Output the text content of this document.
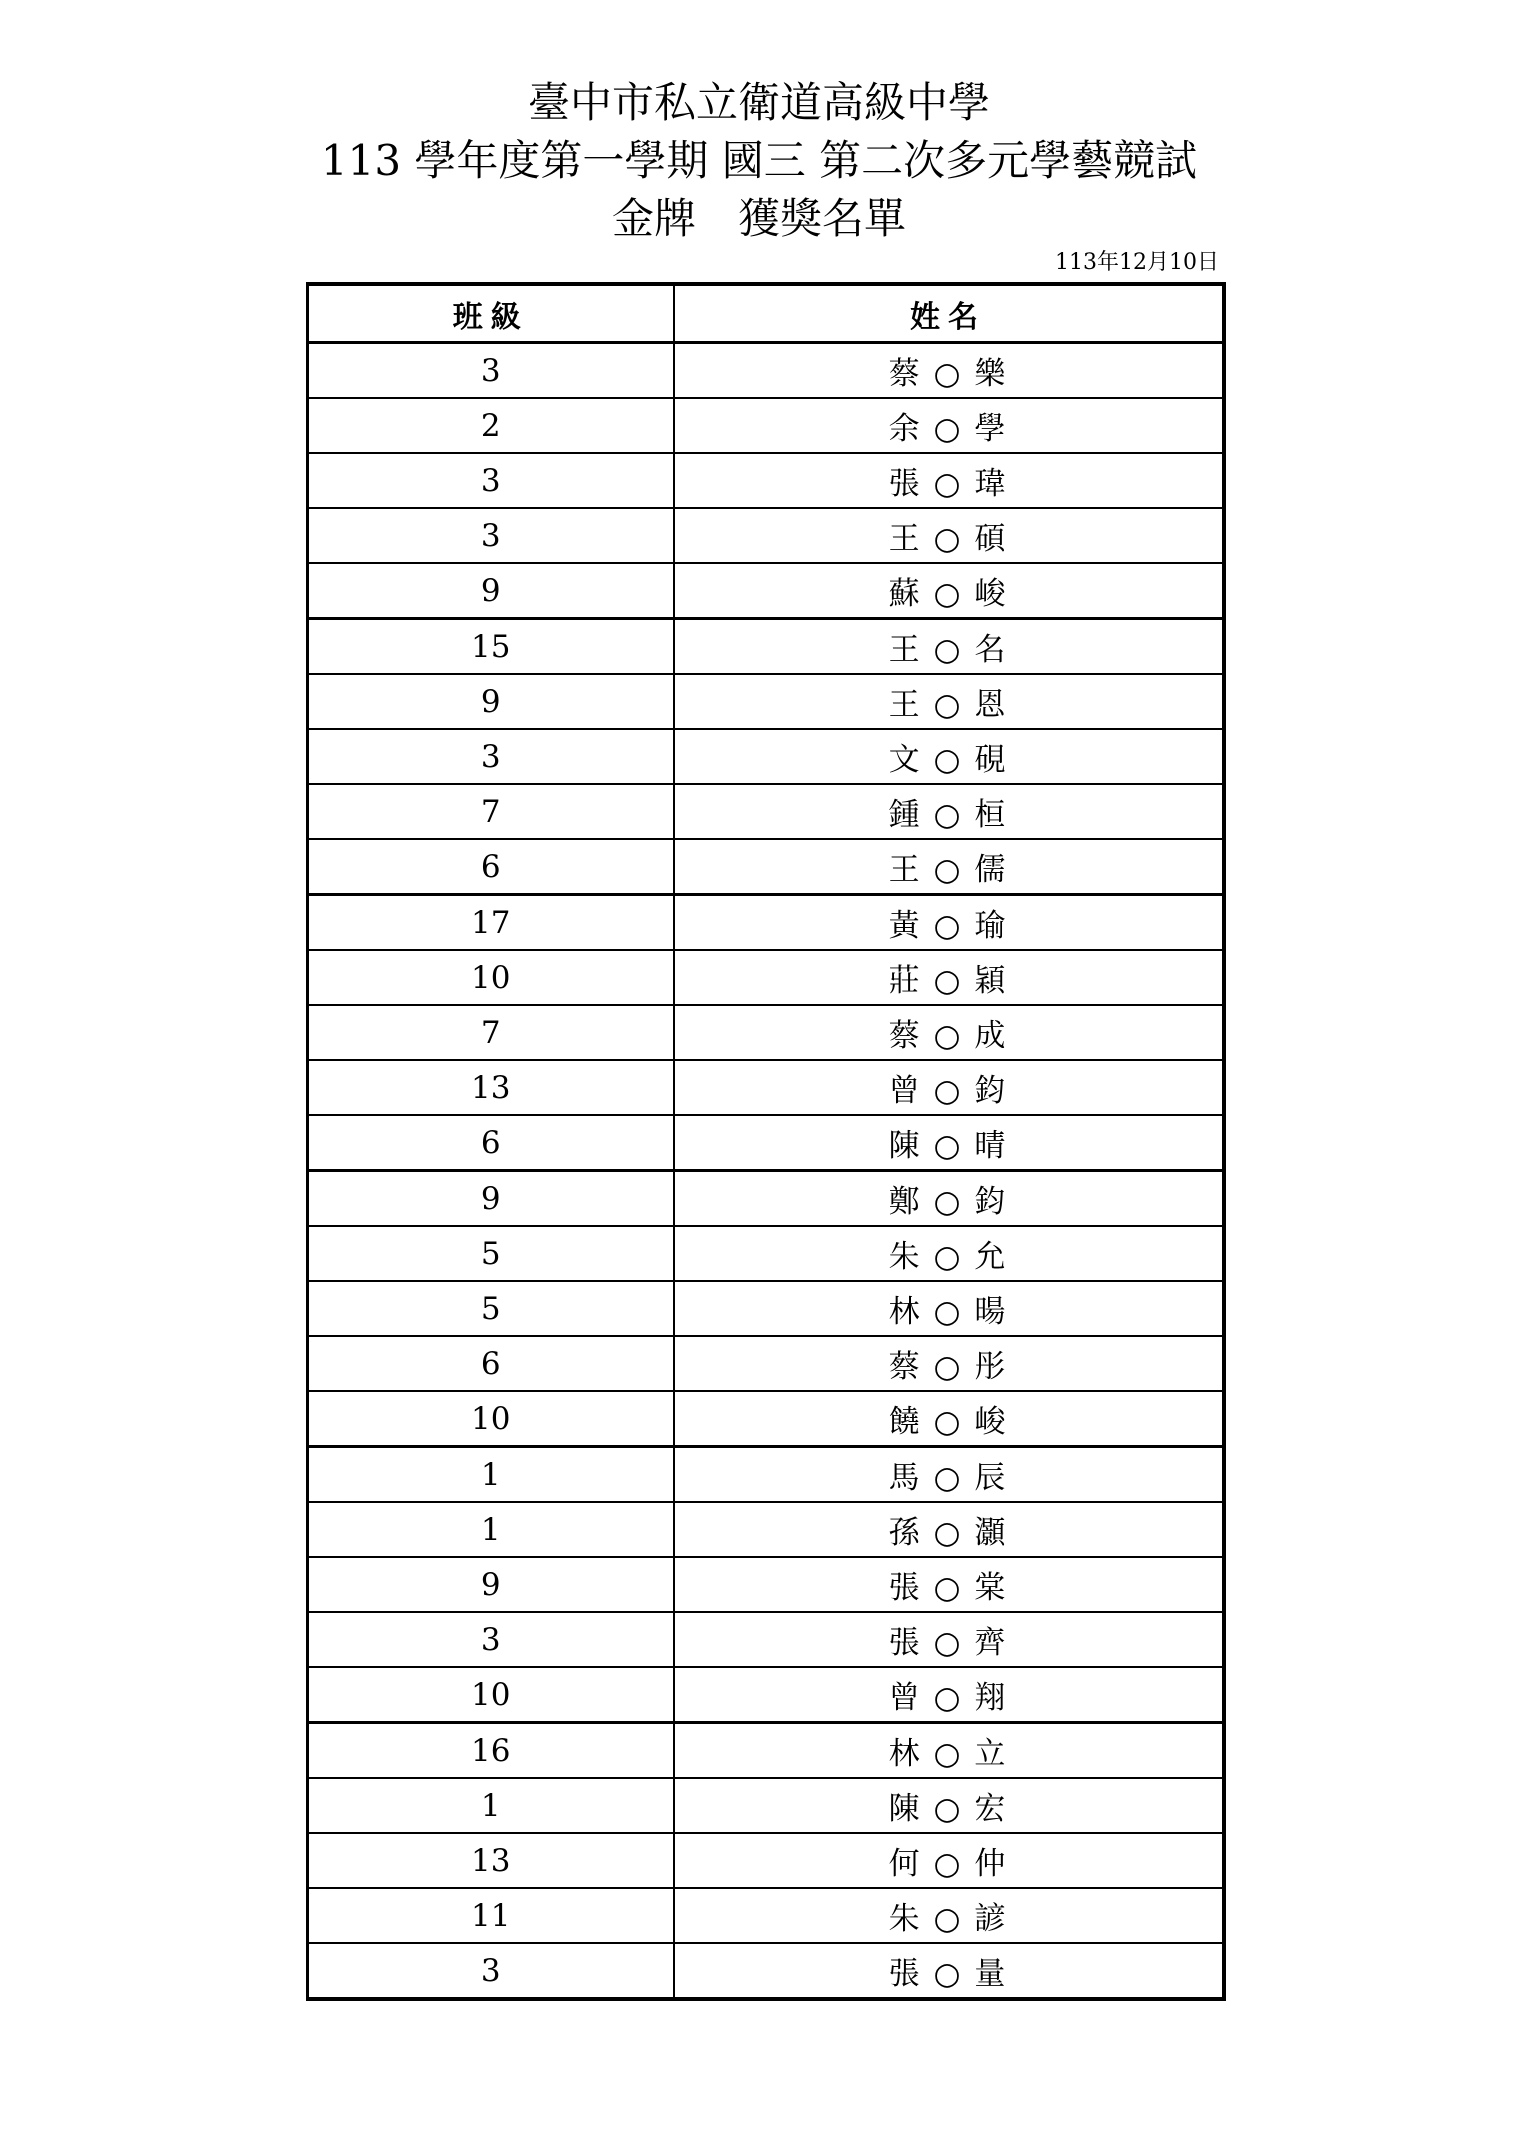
臺中市私立衛道高級中學
113 學年度第一學期 國三 第二次多元學藝競試
金牌　獲獎名單
113年12月10日
班級	姓名
3	蔡 ○ 樂
2	余 ○ 學
3	張 ○ 瑋
3	王 ○ 碩
9	蘇 ○ 峻
15	王 ○ 名
9	王 ○ 恩
3	文 ○ 硯
7	鍾 ○ 桓
6	王 ○ 儒
17	黃 ○ 瑜
10	莊 ○ 穎
7	蔡 ○ 成
13	曾 ○ 鈞
6	陳 ○ 晴
9	鄭 ○ 鈞
5	朱 ○ 允
5	林 ○ 暘
6	蔡 ○ 彤
10	饒 ○ 峻
1	馬 ○ 辰
1	孫 ○ 灝
9	張 ○ 棠
3	張 ○ 齊
10	曾 ○ 翔
16	林 ○ 立
1	陳 ○ 宏
13	何 ○ 仲
11	朱 ○ 諺
3	張 ○ 量
